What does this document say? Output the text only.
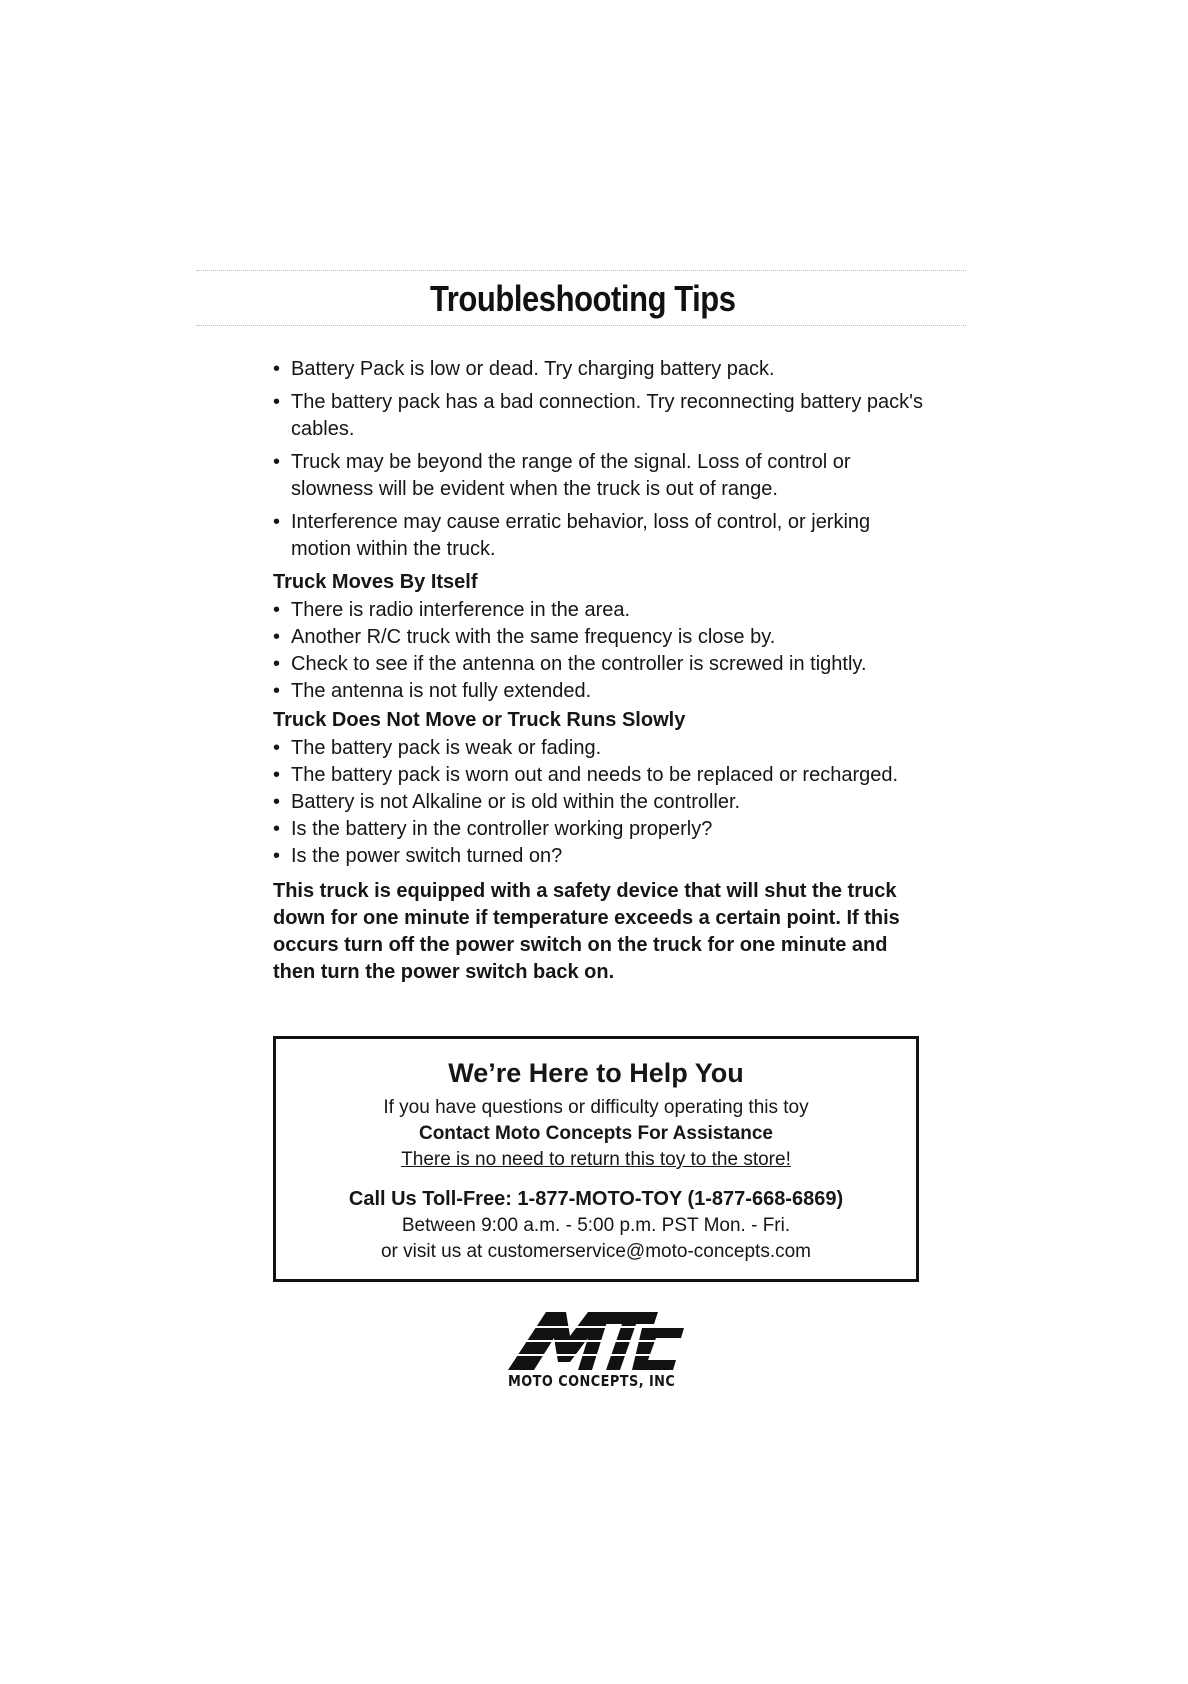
Troubleshooting Tips
• Battery Pack is low or dead. Try charging battery pack.
• The battery pack has a bad connection. Try reconnecting battery pack's cables.
• Truck may be beyond the range of the signal. Loss of control or slowness will be evident when the truck is out of range.
• Interference may cause erratic behavior, loss of control, or jerking motion within the truck.
Truck Moves By Itself
• There is radio interference in the area.
• Another R/C truck with the same frequency is close by.
• Check to see if the antenna on the controller is screwed in tightly.
• The antenna is not fully extended.
Truck Does Not Move or Truck Runs Slowly
• The battery pack is weak or fading.
• The battery pack is worn out and needs to be replaced or recharged.
• Battery is not Alkaline or is old within the controller.
• Is the battery in the controller working properly?
• Is the power switch turned on?

This truck is equipped with a safety device that will shut the truck down for one minute if temperature exceeds a certain point. If this occurs turn off the power switch on the truck for one minute and then turn the power switch back on.

We’re Here to Help You

If you have questions or difficulty operating this toy

Contact Moto Concepts For Assistance

There is no need to return this toy to the store!

Call Us Toll-Free: 1-877-MOTO-TOY (1-877-668-6869)

Between 9:00 a.m. - 5:00 p.m. PST Mon. - Fri.

or visit us at customerservice@moto-concepts.com

MOTO CONCEPTS, INC
